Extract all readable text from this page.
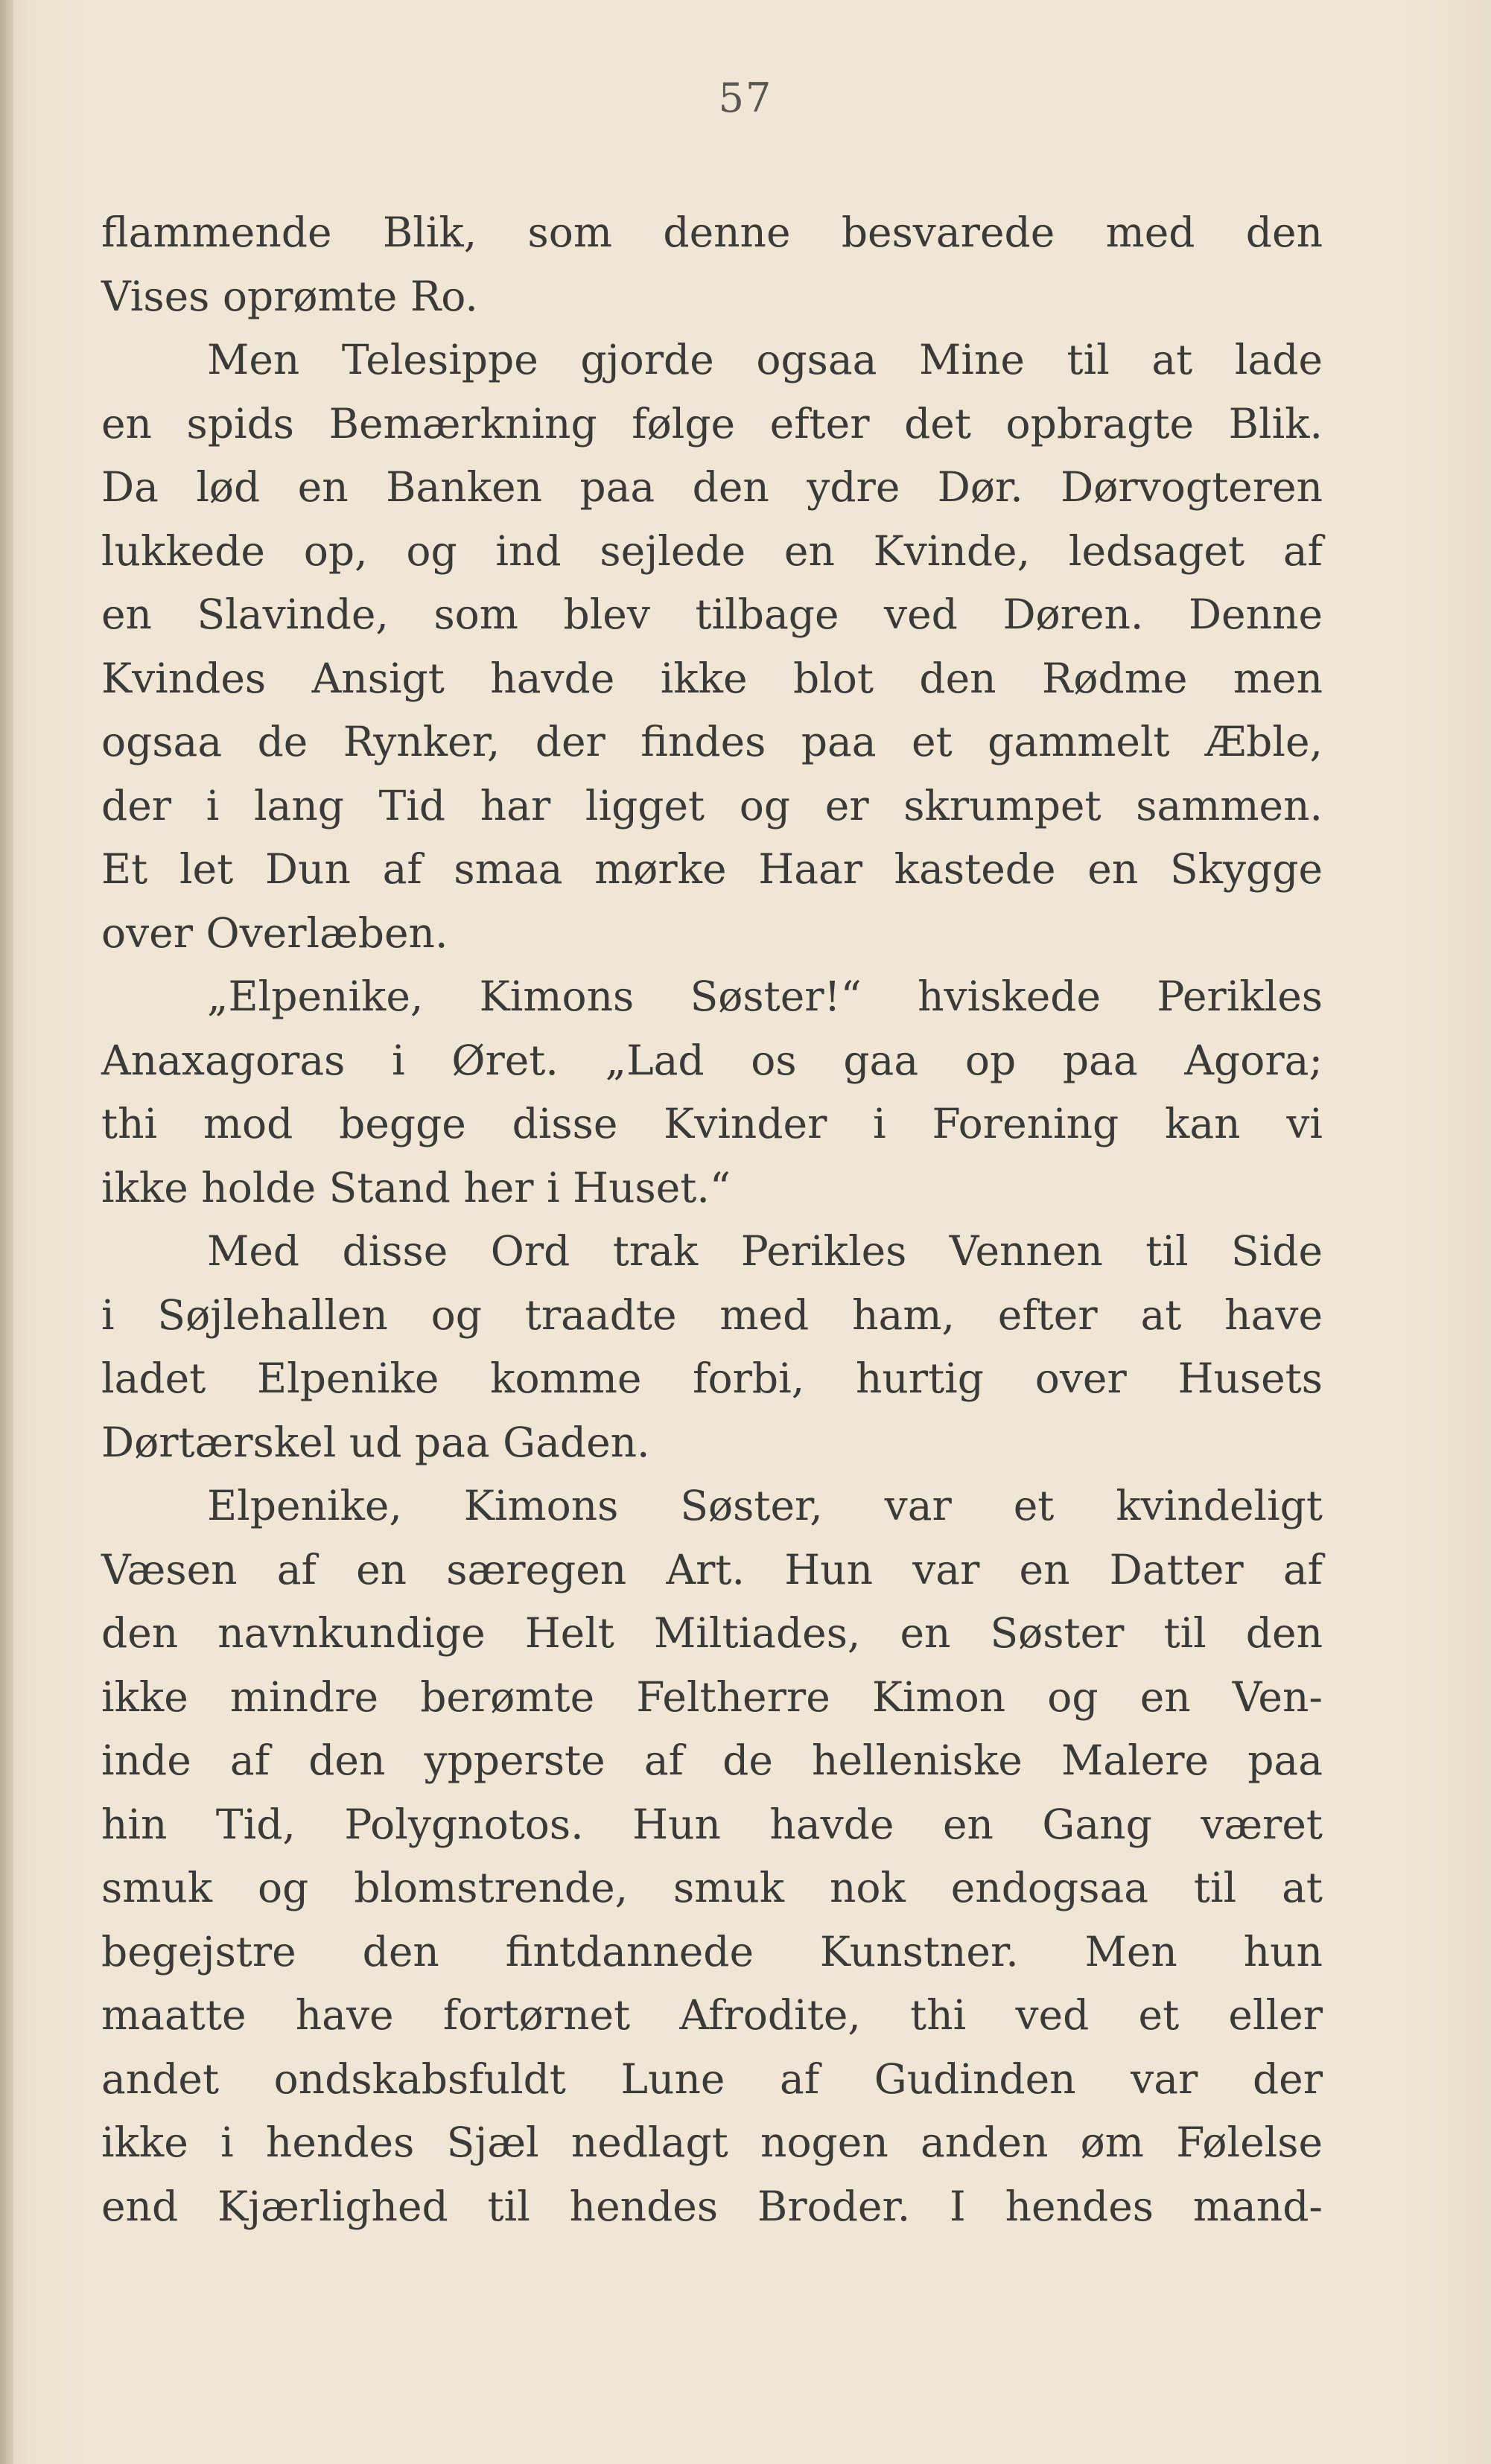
57
flammende Blik, som denne besvarede med den
Vises oprømte Ro.
Men Telesippe gjorde ogsaa Mine til at lade
en spids Bemærkning følge efter det opbragte Blik.
Da lød en Banken paa den ydre Dør. Dørvogteren
lukkede op, og ind sejlede en Kvinde, ledsaget af
en Slavinde, som blev tilbage ved Døren. Denne
Kvindes Ansigt havde ikke blot den Rødme men
ogsaa de Rynker, der findes paa et gammelt Æble,
der i lang Tid har ligget og er skrumpet sammen.
Et let Dun af smaa mørke Haar kastede en Skygge
over Overlæben.
„Elpenike, Kimons Søster!“ hviskede Perikles
Anaxagoras i Øret. „Lad os gaa op paa Agora;
thi mod begge disse Kvinder i Forening kan vi
ikke holde Stand her i Huset.“
Med disse Ord trak Perikles Vennen til Side
i Søjlehallen og traadte med ham, efter at have
ladet Elpenike komme forbi, hurtig over Husets
Dørtærskel ud paa Gaden.
Elpenike, Kimons Søster, var et kvindeligt
Væsen af en særegen Art. Hun var en Datter af
den navnkundige Helt Miltiades, en Søster til den
ikke mindre berømte Feltherre Kimon og en Ven-
inde af den ypperste af de helleniske Malere paa
hin Tid, Polygnotos. Hun havde en Gang været
smuk og blomstrende, smuk nok endogsaa til at
begejstre den fintdannede Kunstner. Men hun
maatte have fortørnet Afrodite, thi ved et eller
andet ondskabsfuldt Lune af Gudinden var der
ikke i hendes Sjæl nedlagt nogen anden øm Følelse
end Kjærlighed til hendes Broder. I hendes mand-
